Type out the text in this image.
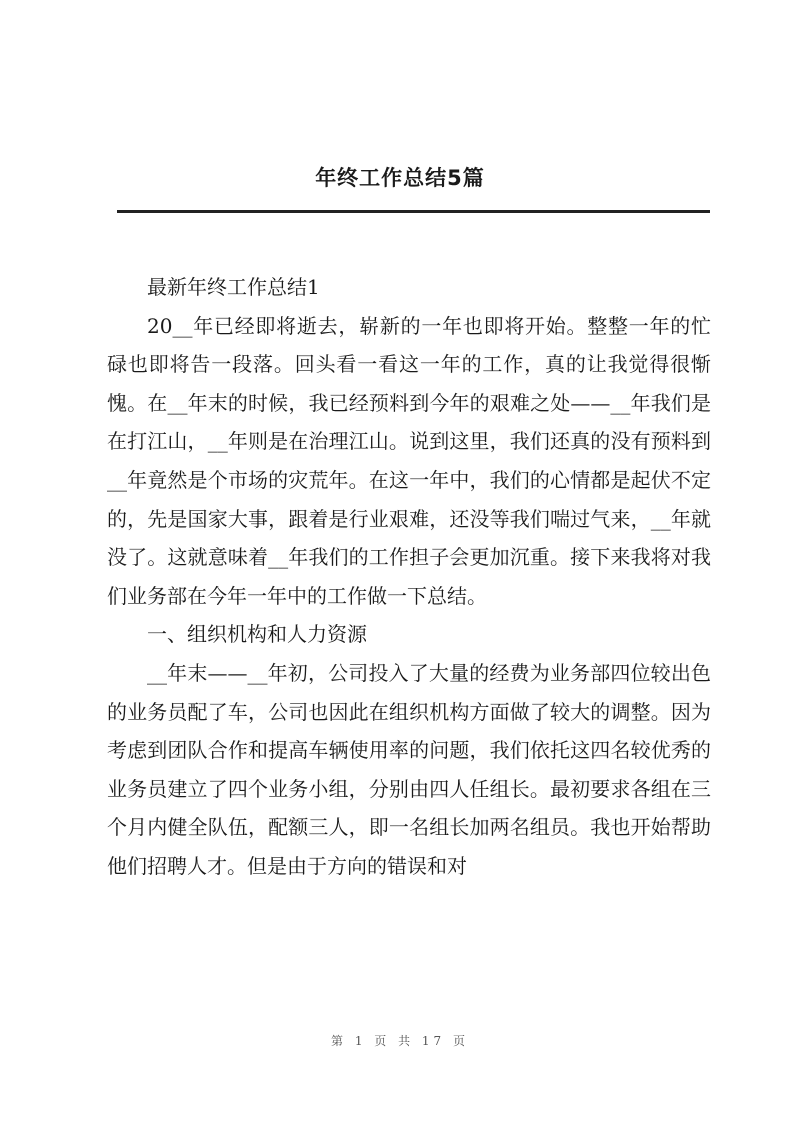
年终工作总结5篇

最新年终工作总结1

20__年已经即将逝去，崭新的一年也即将开始。整整一年的忙碌也即将告一段落。回头看一看这一年的工作，真的让我觉得很惭愧。在__年末的时候，我已经预料到今年的艰难之处——__年我们是在打江山，__年则是在治理江山。说到这里，我们还真的没有预料到__年竟然是个市场的灾荒年。在这一年中，我们的心情都是起伏不定的，先是国家大事，跟着是行业艰难，还没等我们喘过气来，__年就没了。这就意味着__年我们的工作担子会更加沉重。接下来我将对我们业务部在今年一年中的工作做一下总结。

一、组织机构和人力资源

__年末——__年初，公司投入了大量的经费为业务部四位较出色的业务员配了车，公司也因此在组织机构方面做了较大的调整。因为考虑到团队合作和提高车辆使用率的问题，我们依托这四名较优秀的业务员建立了四个业务小组，分别由四人任组长。最初要求各组在三个月内健全队伍，配额三人，即一名组长加两名组员。我也开始帮助他们招聘人才。但是由于方向的错误和对

第 1 页 共 17 页
